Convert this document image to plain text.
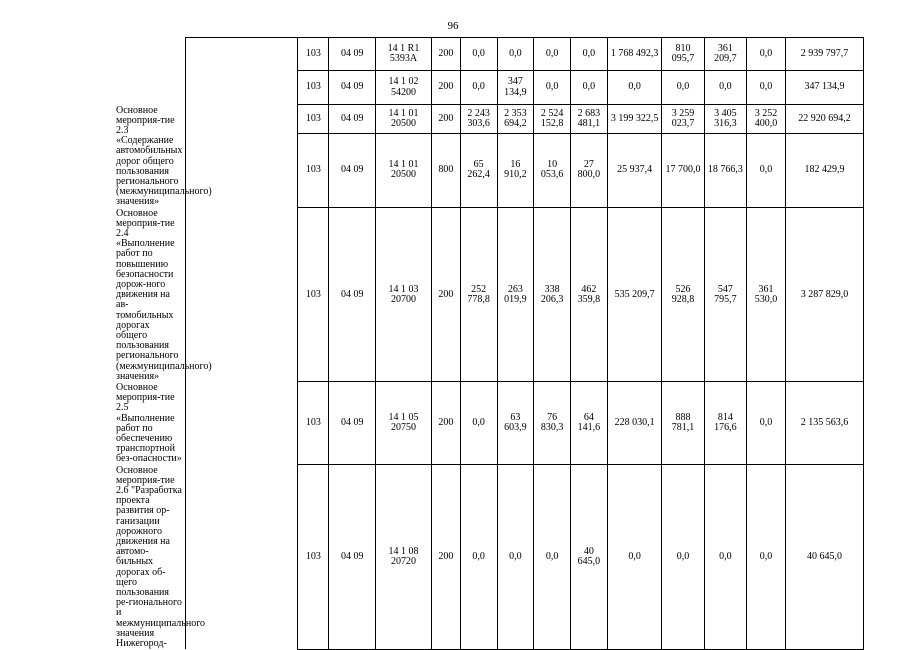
96
		103	04 09	14 1 R1 5393А	200	0,0	0,0	0,0	0,0	1 768 492,3	810 095,7	361 209,7	0,0	2 939 797,7
		103	04 09	14 1 02 54200	200	0,0	347 134,9	0,0	0,0	0,0	0,0	0,0	0,0	347 134,9
Основное мероприя-тие 2.3 «Содержание автомобильных дорог общего пользования регионального (межмуниципального) значения»		103	04 09	14 1 01 20500	200	2 243 303,6	2 353 694,2	2 524 152,8	2 683 481,1	3 199 322,5	3 259 023,7	3 405 316,3	3 252 400,0	22 920 694,2
		103	04 09	14 1 01 20500	800	65 262,4	16 910,2	10 053,6	27 800,0	25 937,4	17 700,0	18 766,3	0,0	182 429,9
Основное мероприя-тие 2.4 «Выполнение работ по повышению безопасности дорож-ного движения на ав-томобильных дорогах общего пользования регионального (межмуниципального) значения»		103	04 09	14 1 03 20700	200	252 778,8	263 019,9	338 206,3	462 359,8	535 209,7	526 928,8	547 795,7	361 530,0	3 287 829,0
Основное мероприя-тие 2.5 «Выполнение работ по обеспечению транспортной без-опасности»		103	04 09	14 1 05 20750	200	0,0	63 603,9	76 830,3	64 141,6	228 030,1	888 781,1	814 176,6	0,0	2 135 563,6
Основное мероприя-тие 2.6 "Разработка проекта развития ор-ганизации дорожного движения на автомо-бильных дорогах об-щего пользования ре-гионального и межмуниципального значения Нижегород-		103	04 09	14 1 08 20720	200	0,0	0,0	0,0	40 645,0	0,0	0,0	0,0	0,0	40 645,0
